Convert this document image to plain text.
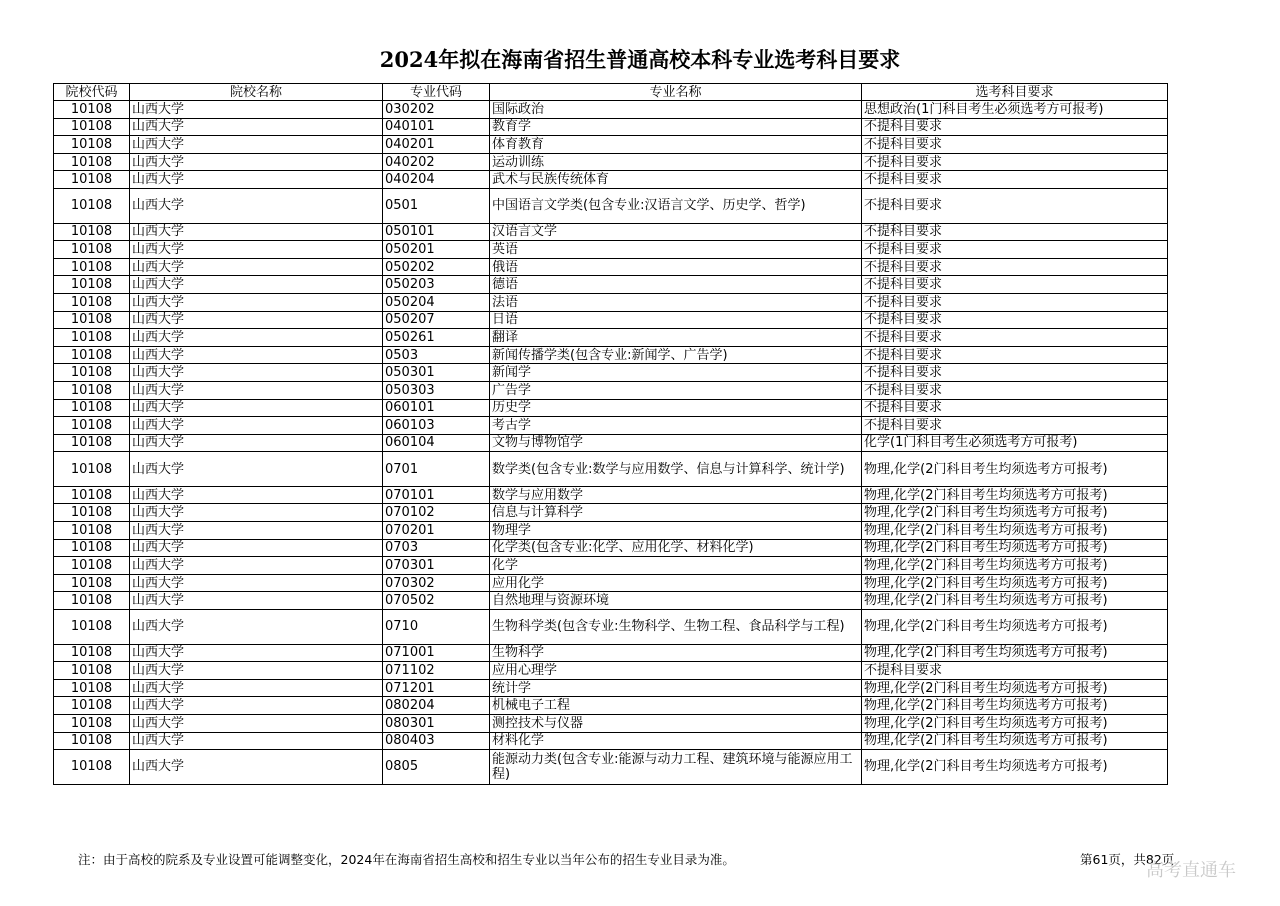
2024年拟在海南省招生普通高校本科专业选考科目要求
院校代码	院校名称	专业代码	专业名称	选考科目要求
10108	山西大学	030202	国际政治	思想政治(1门科目考生必须选考方可报考)
10108	山西大学	040101	教育学	不提科目要求
10108	山西大学	040201	体育教育	不提科目要求
10108	山西大学	040202	运动训练	不提科目要求
10108	山西大学	040204	武术与民族传统体育	不提科目要求
10108	山西大学	0501	中国语言文学类(包含专业:汉语言文学、历史学、哲学)	不提科目要求
10108	山西大学	050101	汉语言文学	不提科目要求
10108	山西大学	050201	英语	不提科目要求
10108	山西大学	050202	俄语	不提科目要求
10108	山西大学	050203	德语	不提科目要求
10108	山西大学	050204	法语	不提科目要求
10108	山西大学	050207	日语	不提科目要求
10108	山西大学	050261	翻译	不提科目要求
10108	山西大学	0503	新闻传播学类(包含专业:新闻学、广告学)	不提科目要求
10108	山西大学	050301	新闻学	不提科目要求
10108	山西大学	050303	广告学	不提科目要求
10108	山西大学	060101	历史学	不提科目要求
10108	山西大学	060103	考古学	不提科目要求
10108	山西大学	060104	文物与博物馆学	化学(1门科目考生必须选考方可报考)
10108	山西大学	0701	数学类(包含专业:数学与应用数学、信息与计算科学、统计学)	物理,化学(2门科目考生均须选考方可报考)
10108	山西大学	070101	数学与应用数学	物理,化学(2门科目考生均须选考方可报考)
10108	山西大学	070102	信息与计算科学	物理,化学(2门科目考生均须选考方可报考)
10108	山西大学	070201	物理学	物理,化学(2门科目考生均须选考方可报考)
10108	山西大学	0703	化学类(包含专业:化学、应用化学、材料化学)	物理,化学(2门科目考生均须选考方可报考)
10108	山西大学	070301	化学	物理,化学(2门科目考生均须选考方可报考)
10108	山西大学	070302	应用化学	物理,化学(2门科目考生均须选考方可报考)
10108	山西大学	070502	自然地理与资源环境	物理,化学(2门科目考生均须选考方可报考)
10108	山西大学	0710	生物科学类(包含专业:生物科学、生物工程、食品科学与工程)	物理,化学(2门科目考生均须选考方可报考)
10108	山西大学	071001	生物科学	物理,化学(2门科目考生均须选考方可报考)
10108	山西大学	071102	应用心理学	不提科目要求
10108	山西大学	071201	统计学	物理,化学(2门科目考生均须选考方可报考)
10108	山西大学	080204	机械电子工程	物理,化学(2门科目考生均须选考方可报考)
10108	山西大学	080301	测控技术与仪器	物理,化学(2门科目考生均须选考方可报考)
10108	山西大学	080403	材料化学	物理,化学(2门科目考生均须选考方可报考)
10108	山西大学	0805	能源动力类(包含专业:能源与动力工程、建筑环境与能源应用工程)	物理,化学(2门科目考生均须选考方可报考)
注：由于高校的院系及专业设置可能调整变化，2024年在海南省招生高校和招生专业以当年公布的招生专业目录为准。	第61页，共82页
高考直通车
